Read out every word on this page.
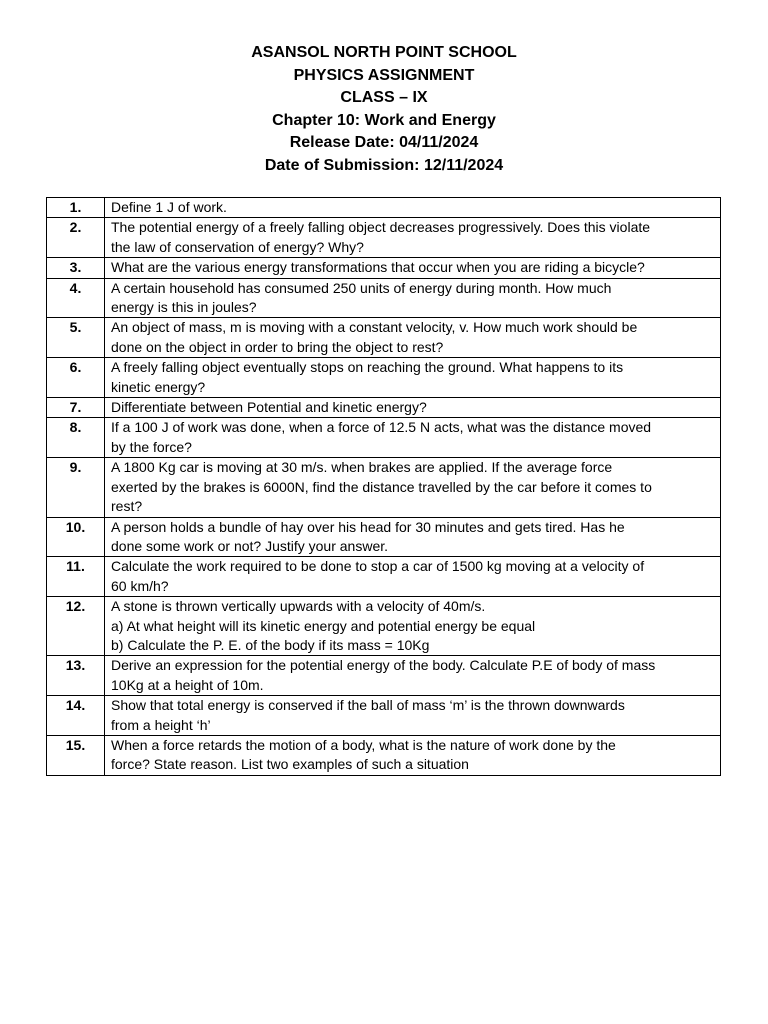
ASANSOL NORTH POINT SCHOOL
PHYSICS ASSIGNMENT
CLASS – IX
Chapter 10: Work and Energy
Release Date: 04/11/2024
Date of Submission: 12/11/2024
1.	Define 1 J of work.

2.	The potential energy of a freely falling object decreases progressively. Does this violate
the law of conservation of energy? Why?

3.	What are the various energy transformations that occur when you are riding a bicycle?

4.	A certain household has consumed 250 units of energy during month. How much
energy is this in joules?

5.	An object of mass, m is moving with a constant velocity, v. How much work should be
done on the object in order to bring the object to rest?

6.	A freely falling object eventually stops on reaching the ground. What happens to its
kinetic energy?

7.	Differentiate between Potential and kinetic energy?

8.	If a 100 J of work was done, when a force of 12.5 N acts, what was the distance moved
by the force?

9.	A 1800 Kg car is moving at 30 m/s. when brakes are applied. If the average force
exerted by the brakes is 6000N, find the distance travelled by the car before it comes to
rest?

10.	A person holds a bundle of hay over his head for 30 minutes and gets tired. Has he
done some work or not? Justify your answer.

11.	Calculate the work required to be done to stop a car of 1500 kg moving at a velocity of
60 km/h?

12.	A stone is thrown vertically upwards with a velocity of 40m/s.
a) At what height will its kinetic energy and potential energy be equal
b) Calculate the P. E. of the body if its mass = 10Kg

13.	Derive an expression for the potential energy of the body. Calculate P.E of body of mass
10Kg at a height of 10m.

14.	Show that total energy is conserved if the ball of mass ‘m’ is the thrown downwards
from a height ‘h’

15.	When a force retards the motion of a body, what is the nature of work done by the
force? State reason. List two examples of such a situation
